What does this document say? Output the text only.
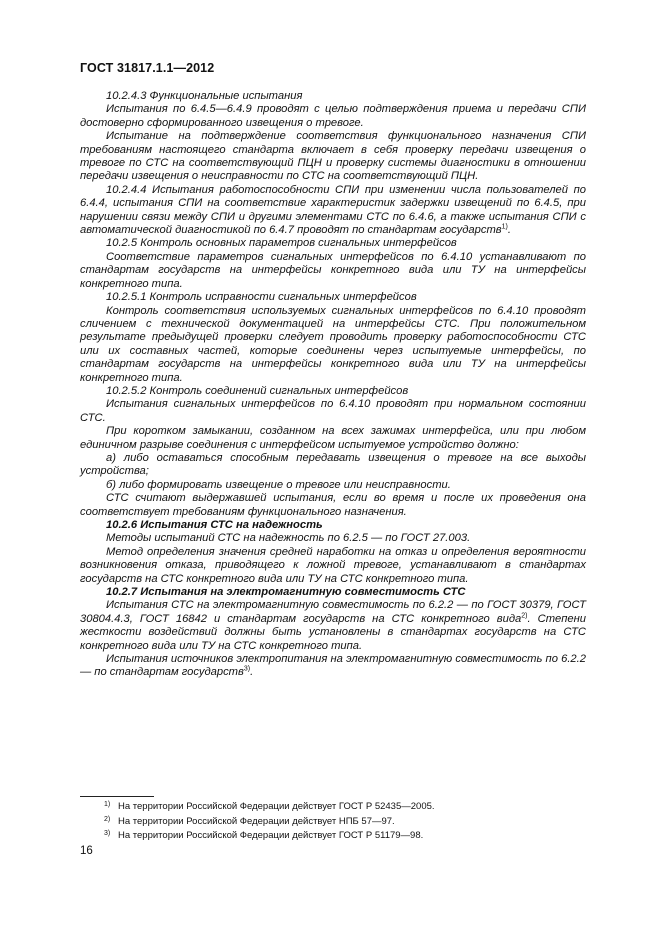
ГОСТ 31817.1.1—2012

10.2.4.3 Функциональные испытания

Испытания по 6.4.5—6.4.9 проводят с целью подтверждения приема и передачи СПИ достоверно сформированного извещения о тревоге.

Испытание на подтверждение соответствия функционального назначения СПИ требованиям настоящего стандарта включает в себя проверку передачи извещения о тревоге по СТС на соответствующий ПЦН и проверку системы диагностики в отношении передачи извещения о неисправности по СТС на соответствующий ПЦН.

10.2.4.4 Испытания работоспособности СПИ при изменении числа пользователей по 6.4.4, испытания СПИ на соответствие характеристик задержки извещений по 6.4.5, при нарушении связи между СПИ и другими элементами СТС по 6.4.6, а также испытания СПИ с автоматической диагностикой по 6.4.7 проводят по стандартам государств$^{1)}$.

10.2.5 Контроль основных параметров сигнальных интерфейсов

Соответствие параметров сигнальных интерфейсов по 6.4.10 устанавливают по стандартам государств на интерфейсы конкретного вида или ТУ на интерфейсы конкретного типа.

10.2.5.1 Контроль исправности сигнальных интерфейсов

Контроль соответствия используемых сигнальных интерфейсов по 6.4.10 проводят сличением с технической документацией на интерфейсы СТС. При положительном результате предыдущей проверки следует проводить проверку работоспособности СТС или их составных частей, которые соединены через испытуемые интерфейсы, по стандартам государств на интерфейсы конкретного вида или ТУ на интерфейсы конкретного типа.

10.2.5.2 Контроль соединений сигнальных интерфейсов

Испытания сигнальных интерфейсов по 6.4.10 проводят при нормальном состоянии СТС.

При коротком замыкании, созданном на всех зажимах интерфейса, или при любом единичном разрыве соединения с интерфейсом испытуемое устройство должно:

а) либо оставаться способным передавать извещения о тревоге на все выходы устройства;

б) либо формировать извещение о тревоге или неисправности.

СТС считают выдержавшей испытания, если во время и после их проведения она соответствует требованиям функционального назначения.

10.2.6 Испытания СТС на надежность

Методы испытаний СТС на надежность по 6.2.5 — по ГОСТ 27.003.

Метод определения значения средней наработки на отказ и определения вероятности возникновения отказа, приводящего к ложной тревоге, устанавливают в стандартах государств на СТС конкретного вида или ТУ на СТС конкретного типа.

10.2.7 Испытания на электромагнитную совместимость СТС

Испытания СТС на электромагнитную совместимость по 6.2.2 — по ГОСТ 30379, ГОСТ 30804.4.3, ГОСТ 16842 и стандартам государств на СТС конкретного вида$^{2)}$. Степени жесткости воздействий должны быть установлены в стандартах государств на СТС конкретного вида или ТУ на СТС конкретного типа.

Испытания источников электропитания на электромагнитную совместимость по 6.2.2 — по стандартам государств$^{3)}$.

1) На территории Российской Федерации действует ГОСТ Р 52435—2005.
2) На территории Российской Федерации действует НПБ 57—97.
3) На территории Российской Федерации действует ГОСТ Р 51179—98.
16
